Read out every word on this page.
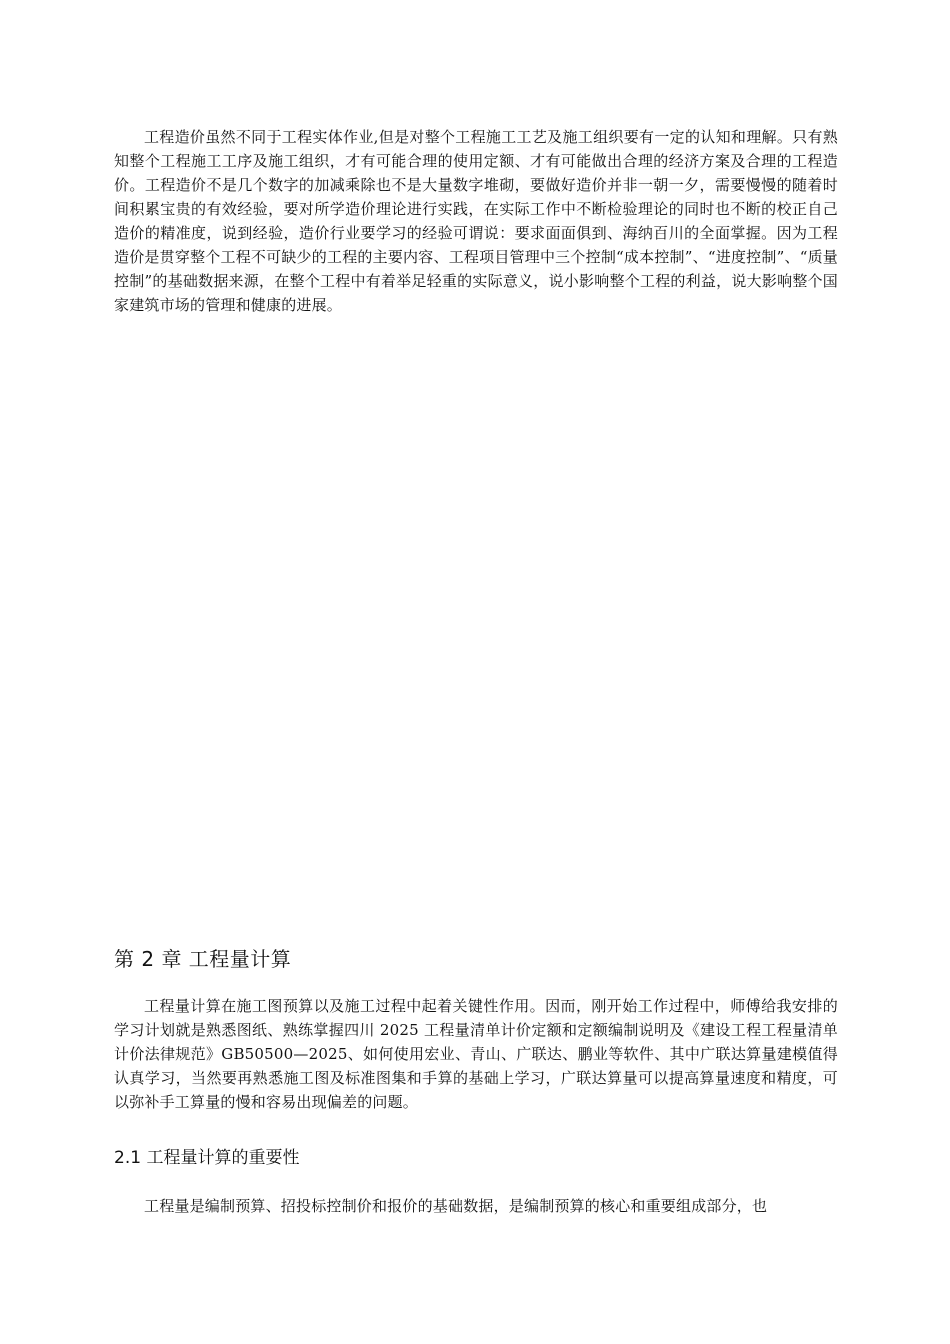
工程造价虽然不同于工程实体作业,但是对整个工程施工工艺及施工组织要有一定的认知和理解。只有熟知整个工程施工工序及施工组织，才有可能合理的使用定额、才有可能做出合理的经济方案及合理的工程造价。工程造价不是几个数字的加减乘除也不是大量数字堆砌，要做好造价并非一朝一夕，需要慢慢的随着时间积累宝贵的有效经验，要对所学造价理论进行实践，在实际工作中不断检验理论的同时也不断的校正自己造价的精准度，说到经验，造价行业要学习的经验可谓说：要求面面俱到、海纳百川的全面掌握。因为工程造价是贯穿整个工程不可缺少的工程的主要内容、工程项目管理中三个控制“成本控制”、“进度控制”、“质量控制”的基础数据来源，在整个工程中有着举足轻重的实际意义，说小影响整个工程的利益，说大影响整个国家建筑市场的管理和健康的进展。

第 2 章 工程量计算

工程量计算在施工图预算以及施工过程中起着关键性作用。因而，刚开始工作过程中，师傅给我安排的学习计划就是熟悉图纸、熟练掌握四川 2025 工程量清单计价定额和定额编制说明及《建设工程工程量清单计价法律规范》GB50500—2025、如何使用宏业、青山、广联达、鹏业等软件、其中广联达算量建模值得认真学习，当然要再熟悉施工图及标准图集和手算的基础上学习，广联达算量可以提高算量速度和精度，可以弥补手工算量的慢和容易出现偏差的问题。

2.1 工程量计算的重要性

工程量是编制预算、招投标控制价和报价的基础数据，是编制预算的核心和重要组成部分，也
